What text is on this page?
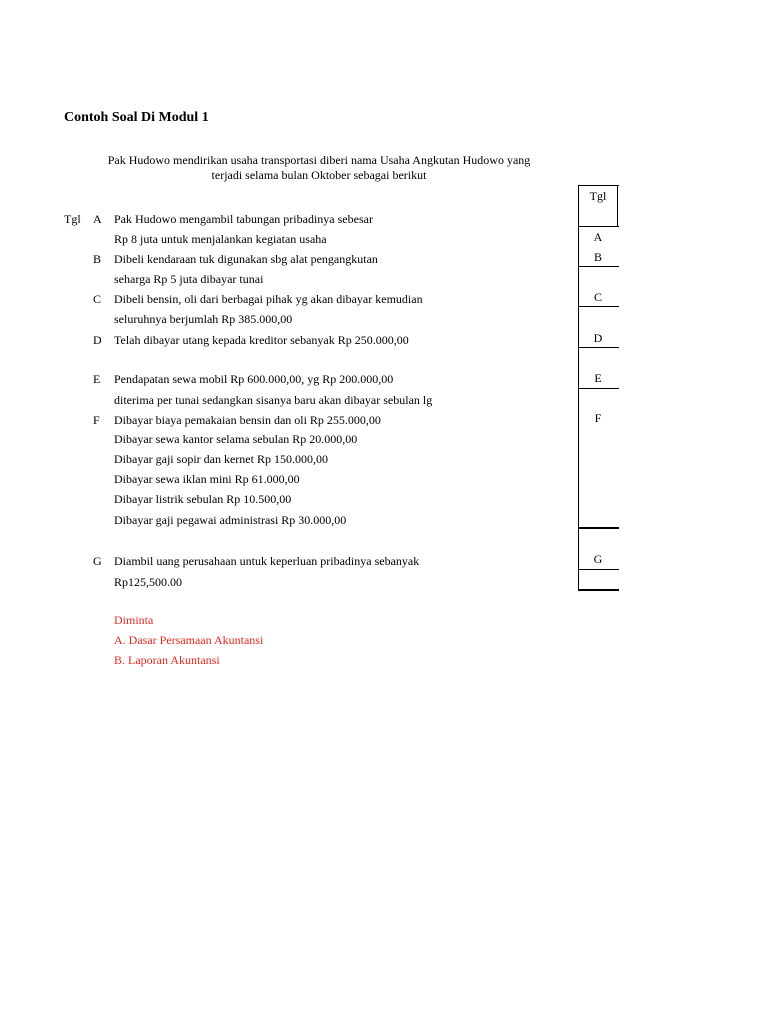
Contoh Soal Di Modul 1
Pak Hudowo mendirikan usaha transportasi diberi nama Usaha Angkutan Hudowo yang
terjadi selama bulan Oktober sebagai berikut
Tgl A Pak Hudowo mengambil tabungan pribadinya sebesar
Rp 8 juta untuk menjalankan kegiatan usaha
B Dibeli kendaraan tuk digunakan sbg alat pengangkutan
seharga Rp 5 juta dibayar tunai
C Dibeli bensin, oli dari berbagai pihak yg akan dibayar kemudian
seluruhnya berjumlah Rp 385.000,00
D Telah dibayar utang kepada kreditor sebanyak Rp 250.000,00
E Pendapatan sewa mobil Rp 600.000,00, yg Rp 200.000,00
diterima per tunai sedangkan sisanya baru akan dibayar sebulan lg
F Dibayar biaya pemakaian bensin dan oli Rp 255.000,00
Dibayar sewa kantor selama sebulan Rp 20.000,00
Dibayar gaji sopir dan kernet Rp 150.000,00
Dibayar sewa iklan mini Rp 61.000,00
Dibayar listrik sebulan Rp 10.500,00
Dibayar gaji pegawai administrasi Rp 30.000,00
G Diambil uang perusahaan untuk keperluan pribadinya sebanyak
Rp125,500.00
Diminta
A. Dasar Persamaan Akuntansi
B. Laporan Akuntansi
Tgl
A
B
C
D
E
F
G
